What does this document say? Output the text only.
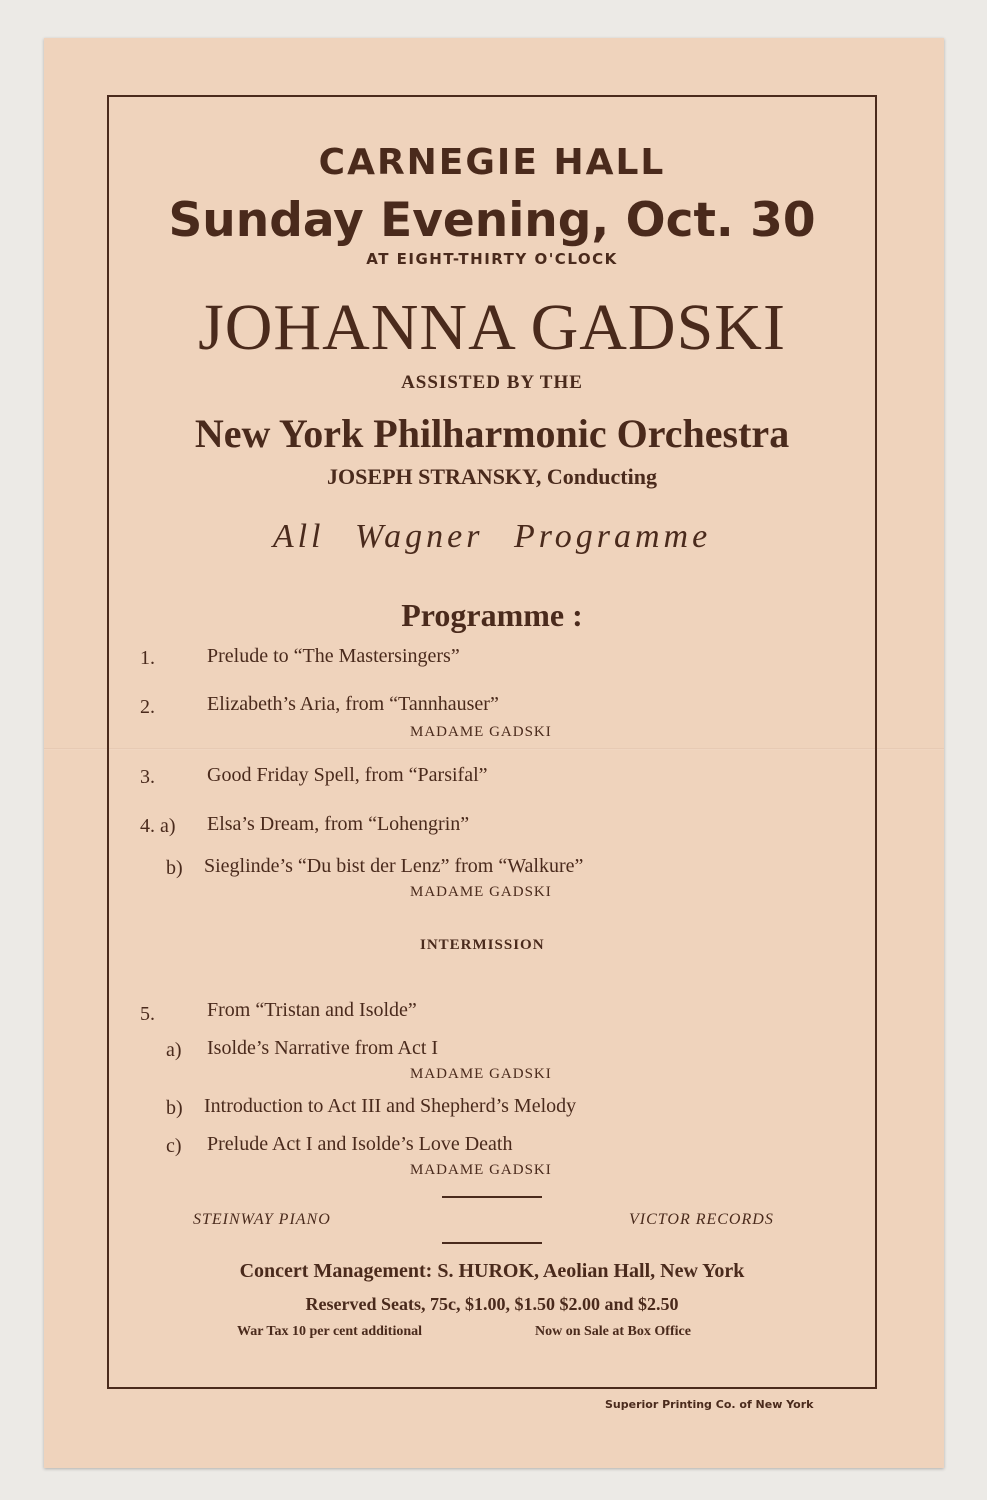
CARNEGIE HALL
Sunday Evening, Oct. 30
AT EIGHT-THIRTY O'CLOCK
JOHANNA GADSKI
ASSISTED BY THE
New York Philharmonic Orchestra
JOSEPH STRANSKY, Conducting
All Wagner Programme
Programme :
1.	Prelude to “The Mastersingers”
2.	Elizabeth’s Aria, from “Tannhauser”
MADAME GADSKI
3.	Good Friday Spell, from “Parsifal”
4. a) Elsa’s Dream, from “Lohengrin”
b) Sieglinde’s “Du bist der Lenz” from “Walkure”
MADAME GADSKI
INTERMISSION
5.	From “Tristan and Isolde”
a) Isolde’s Narrative from Act I
MADAME GADSKI
b) Introduction to Act III and Shepherd’s Melody
c) Prelude Act I and Isolde’s Love Death
MADAME GADSKI
STEINWAY PIANO	VICTOR RECORDS
Concert Management: S. HUROK, Aeolian Hall, New York
Reserved Seats, 75c, $1.00, $1.50 $2.00 and $2.50
War Tax 10 per cent additional	Now on Sale at Box Office
Superior Printing Co. of New York
